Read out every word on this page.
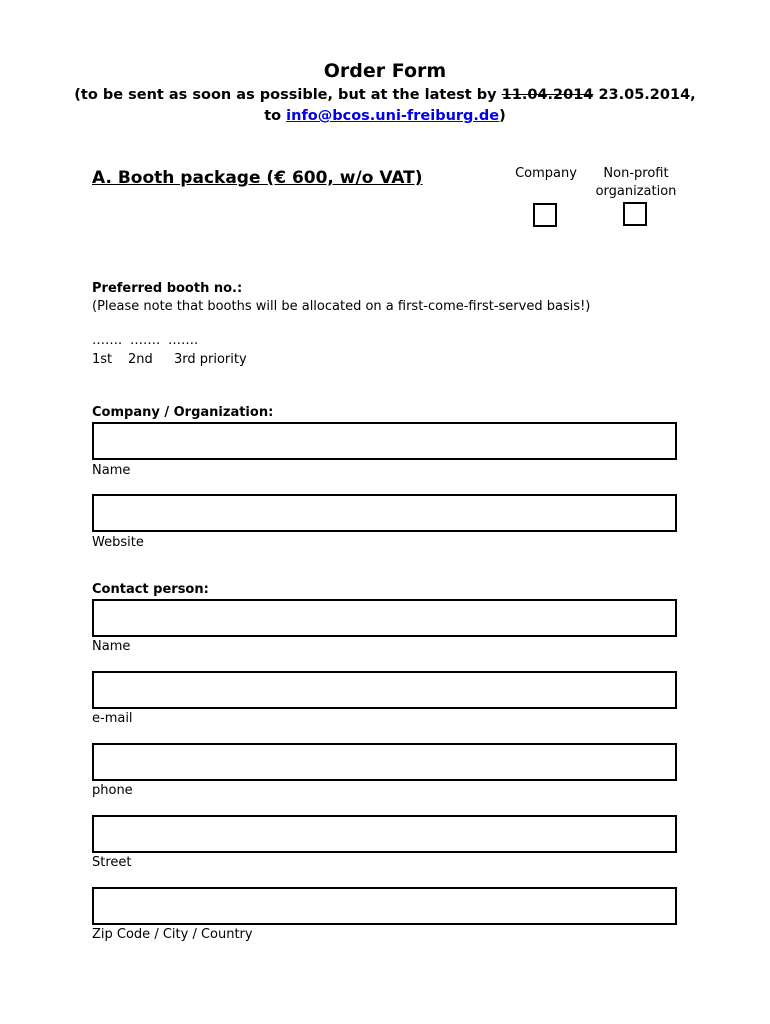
Order Form
(to be sent as soon as possible, but at the latest by 11.04.2014 23.05.2014,
to info@bcos.uni-freiburg.de)
A. Booth package (€ 600, w/o VAT)	Company	Non-profit
organization
Preferred booth no.:
(Please note that booths will be allocated on a first-come-first-served basis!)
……. ……. …….
1st 2nd 3rd priority
Company / Organization:
Name
Website
Contact person:
Name
e-mail
phone
Street
Zip Code / City / Country
